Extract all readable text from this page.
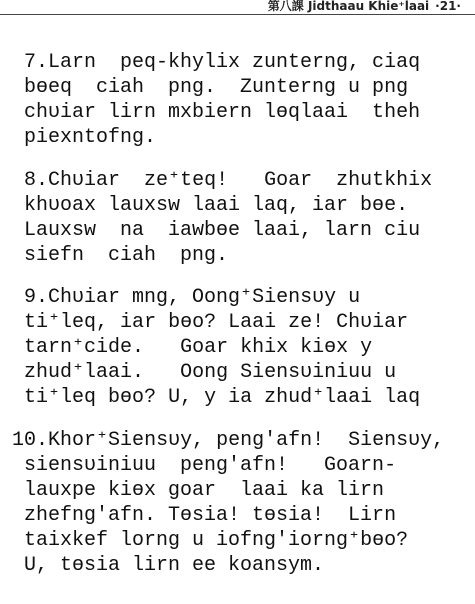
第八課 Jidthaau Khie⁺laai ·21·
7.Larn  peq-khylix zunterng, ciaq
bɵeq  ciah  png.  Zunterng u png
chʋiar lirn mxbiern lɵqlaai  theh
piexntofng.
8.Chʋiar  ze⁺teq!   Goar  zhutkhix
khʋoax lauxsw laai laq, iar bɵe.
Lauxsw  na  iawbɵe laai, larn ciu
siefn  ciah  png.
9.Chʋiar mng, Oong⁺Siensʋy u
ti⁺leq, iar bɵo? Laai ze! Chʋiar
tarn⁺cide.   Goar khix kiɵx y
zhud⁺laai.   Oong Siensʋiniuu u
ti⁺leq bɵo? U, y ia zhud⁺laai laq
10.Khor⁺Siensʋy, peng'afn!  Siensʋy,
siensʋiniuu  peng'afn!   Goarn-
lauxpe kiɵx goar  laai ka lirn
zhefng'afn. Tɵsia! tɵsia!  Lirn
taixkef lorng u iofng'iorng⁺bɵo?
U, tɵsia lirn ee koansym.
